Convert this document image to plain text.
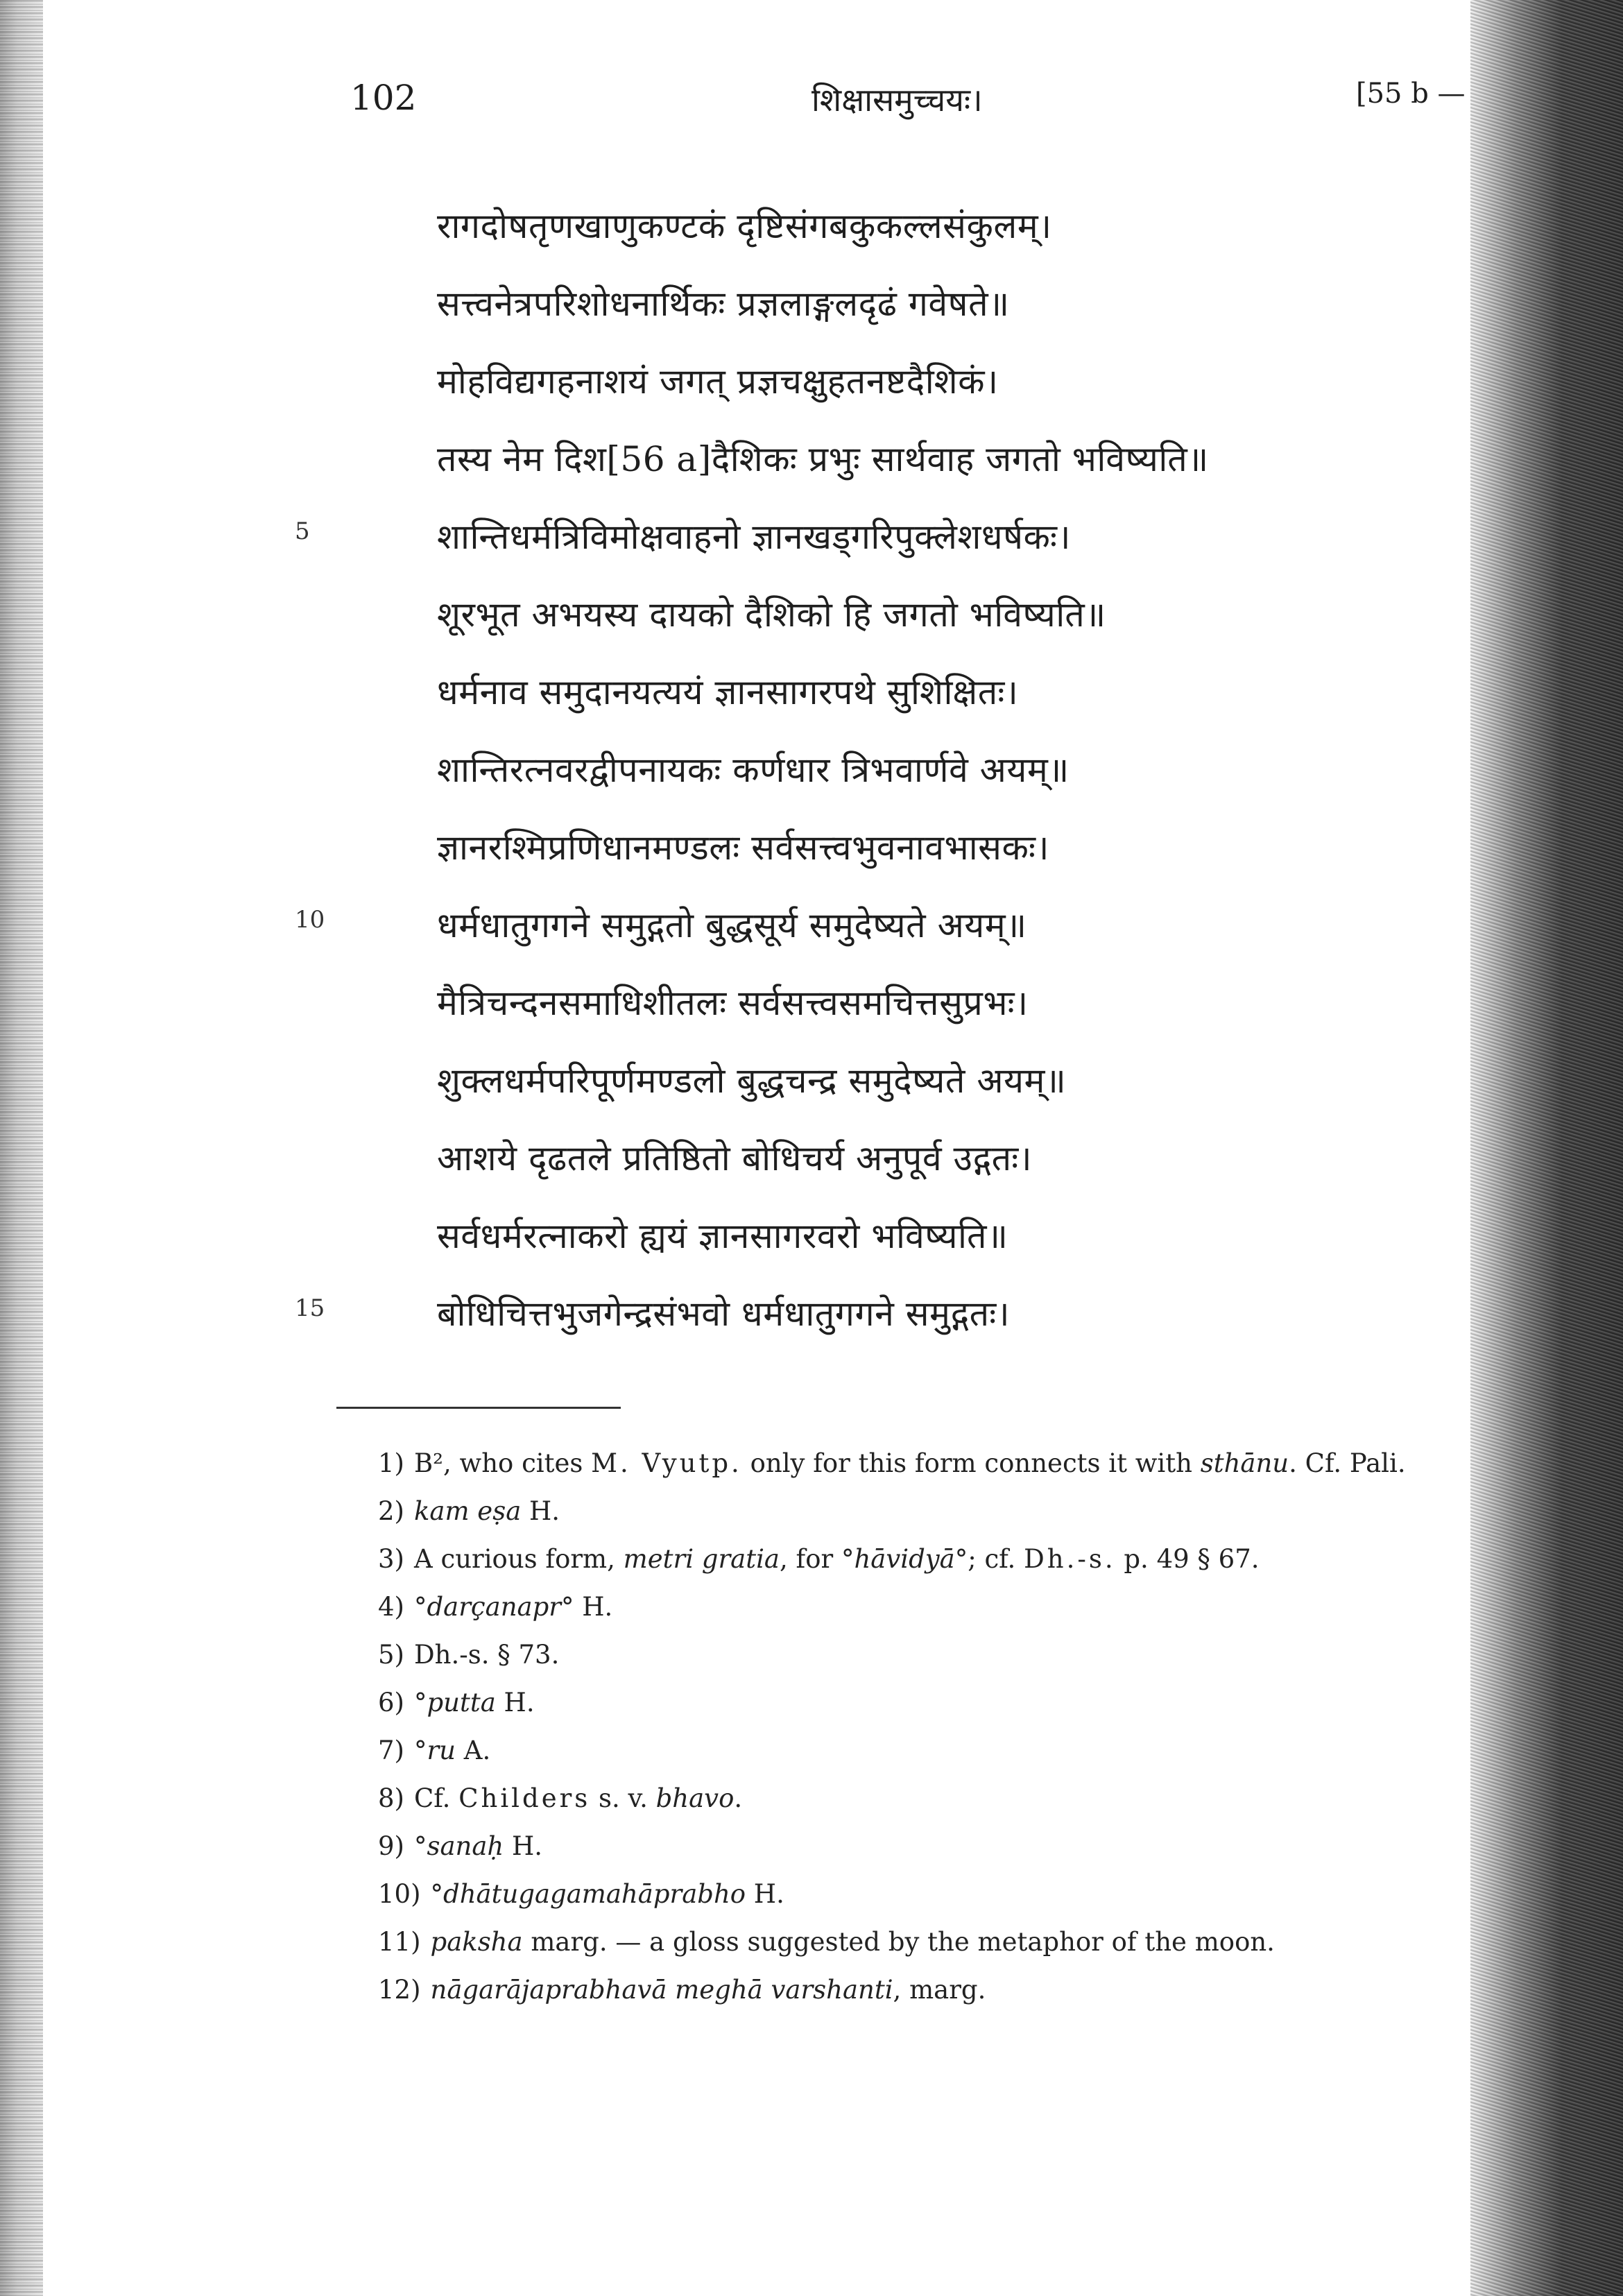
102	शिक्षासमुच्चयः।	[55 b —
रागदोषतृणखाणुकण्टकं दृष्टिसंगबकुकल्लसंकुलम्।
सत्त्वनेत्रपरिशोधनार्थिकः प्रज्ञलाङ्गलदृढं गवेषते॥
मोहविद्यगहनाशयं जगत् प्रज्ञचक्षुहतनष्टदैशिकं।
तस्य नेम दिश[56 a]दैशिकः प्रभुः सार्थवाह जगतो भविष्यति॥
शान्तिधर्मत्रिविमोक्षवाहनो ज्ञानखड्गरिपुक्लेशधर्षकः।
शूरभूत अभयस्य दायको दैशिको हि जगतो भविष्यति॥
धर्मनाव समुदानयत्ययं ज्ञानसागरपथे सुशिक्षितः।
शान्तिरत्नवरद्वीपनायकः कर्णधार त्रिभवार्णवे अयम्॥
ज्ञानरश्मिप्रणिधानमण्डलः सर्वसत्त्वभुवनावभासकः।
धर्मधातुगगने समुद्गतो बुद्धसूर्य समुदेष्यते अयम्॥
मैत्रिचन्दनसमाधिशीतलः सर्वसत्त्वसमचित्तसुप्रभः।
शुक्लधर्मपरिपूर्णमण्डलो बुद्धचन्द्र समुदेष्यते अयम्॥
आशये दृढतले प्रतिष्ठितो बोधिचर्य अनुपूर्व उद्गतः।
सर्वधर्मरत्नाकरो ह्ययं ज्ञानसागरवरो भविष्यति॥
बोधिचित्तभुजगेन्द्रसंभवो धर्मधातुगगने समुद्गतः।
5
10
15
1) B², who cites M. Vyutp. only for this form connects it with sthānu. Cf. Pali.
2) kam eṣa H.
3) A curious form, metri gratia, for °hāvidyā°; cf. Dh.-s. p. 49 § 67.
4) °darçanapr° H.
5) Dh.-s. § 73.
6) °putta H.
7) °ru A.
8) Cf. Childers s. v. bhavo.
9) °sanaḥ H.
10) °dhātugagamahāprabho H.
11) paksha marg. — a gloss suggested by the metaphor of the moon.
12) nāgarājaprabhavā meghā varshanti, marg.
